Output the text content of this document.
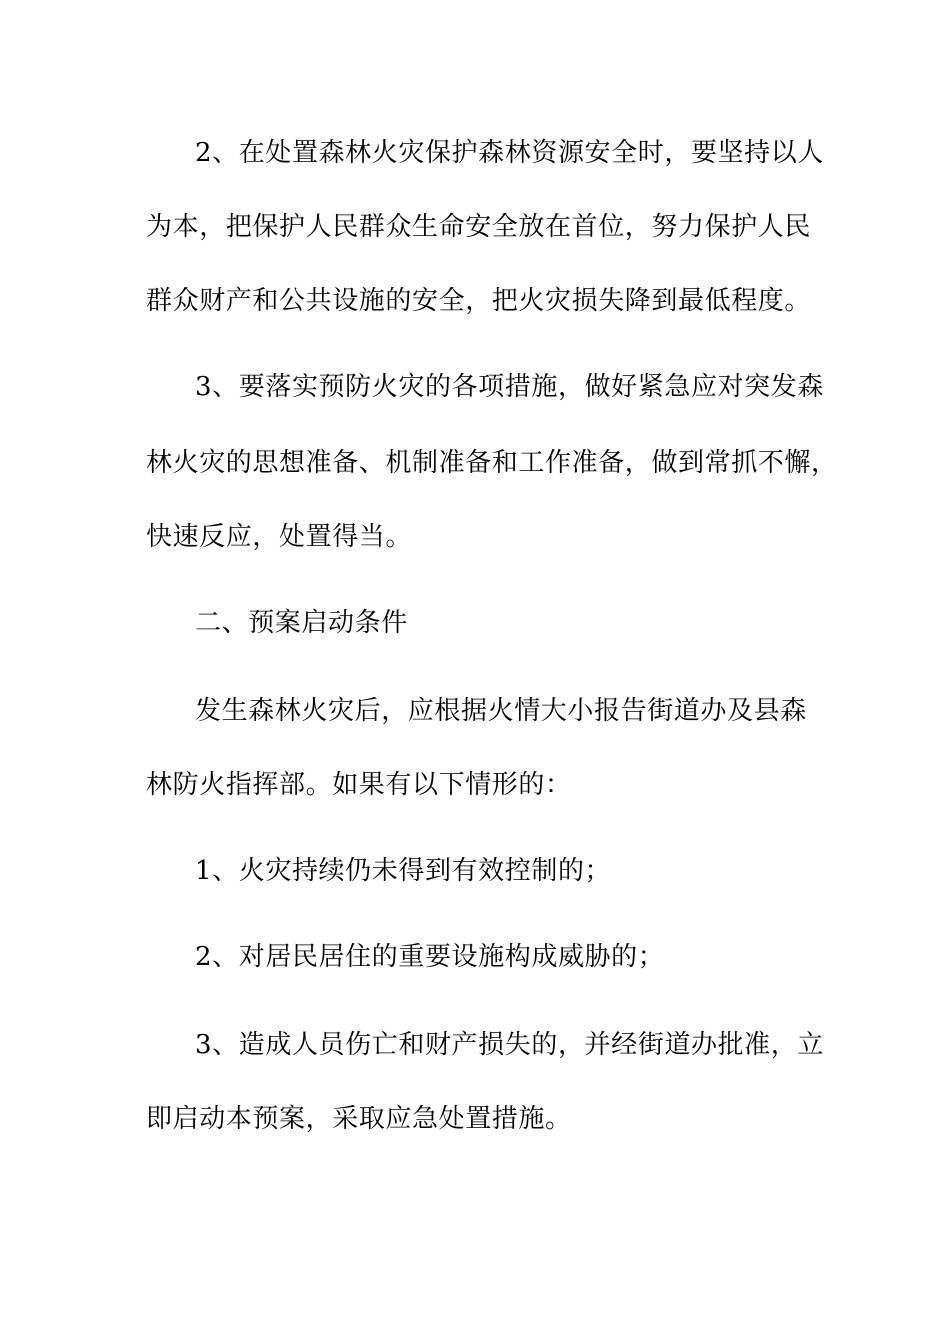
2、在处置森林火灾保护森林资源安全时，要坚持以人
为本，把保护人民群众生命安全放在首位，努力保护人民
群众财产和公共设施的安全，把火灾损失降到最低程度。
3、要落实预防火灾的各项措施，做好紧急应对突发森
林火灾的思想准备、机制准备和工作准备，做到常抓不懈，
快速反应，处置得当。
二、预案启动条件
发生森林火灾后，应根据火情大小报告街道办及县森
林防火指挥部。如果有以下情形的：
1、火灾持续仍未得到有效控制的；
2、对居民居住的重要设施构成威胁的；
3、造成人员伤亡和财产损失的，并经街道办批准，立
即启动本预案，采取应急处置措施。
